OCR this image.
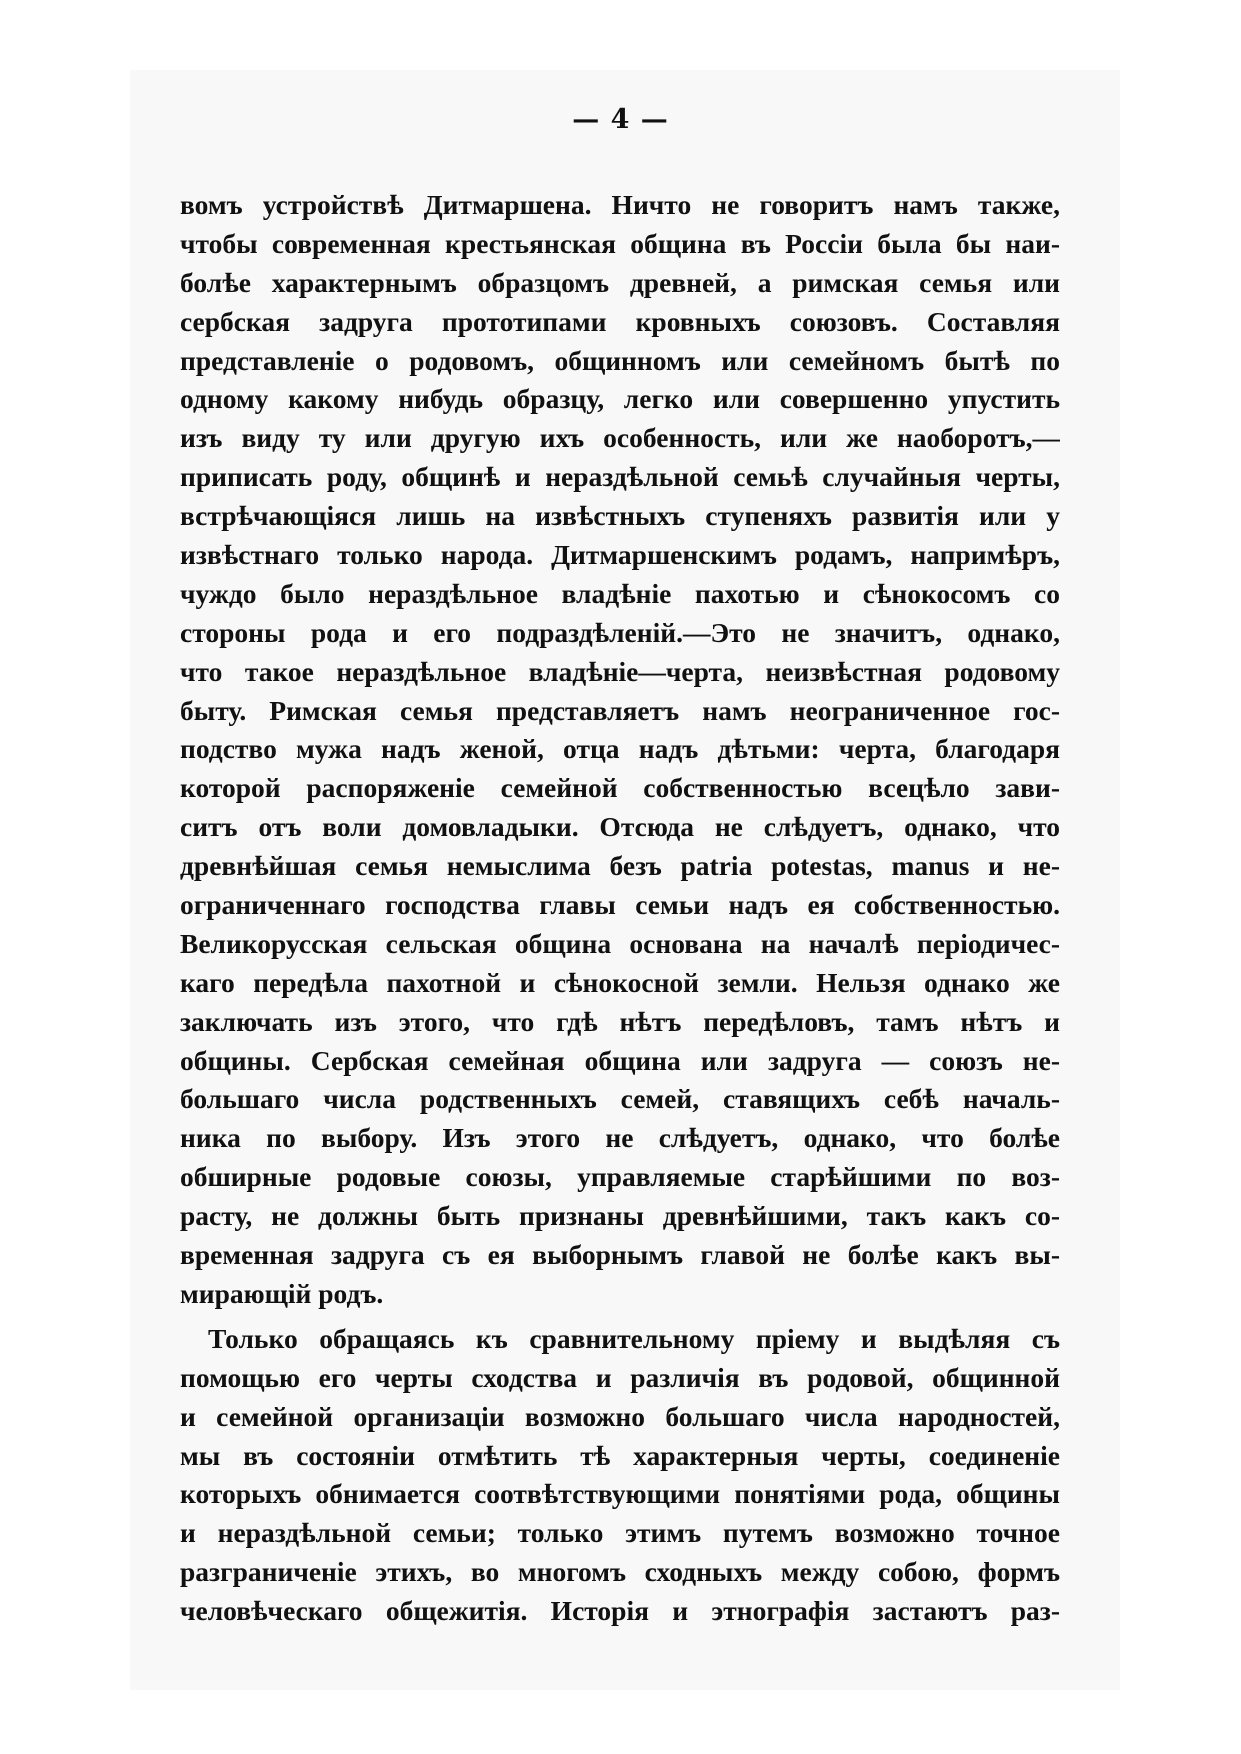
— 4 —
вомъ устройствѣ Дитмаршена. Ничто не говоритъ намъ также,
чтобы современная крестьянская община въ Россіи была бы наи-
болѣе характернымъ образцомъ древней, а римская семья или
сербская задруга прототипами кровныхъ союзовъ. Составляя
представленіе о родовомъ, общинномъ или семейномъ бытѣ по
одному какому нибудь образцу, легко или совершенно упустить
изъ виду ту или другую ихъ особенность, или же наоборотъ,—
приписать роду, общинѣ и нераздѣльной семьѣ случайныя черты,
встрѣчающіяся лишь на извѣстныхъ ступеняхъ развитія или у
извѣстнаго только народа. Дитмаршенскимъ родамъ, напримѣръ,
чуждо было нераздѣльное владѣніе пахотью и сѣнокосомъ со
стороны рода и его подраздѣленій.—Это не значитъ, однако,
что такое нераздѣльное владѣніе—черта, неизвѣстная родовому
быту. Римская семья представляетъ намъ неограниченное гос-
подство мужа надъ женой, отца надъ дѣтьми: черта, благодаря
которой распоряженіе семейной собственностью всецѣло зави-
ситъ отъ воли домовладыки. Отсюда не слѣдуетъ, однако, что
древнѣйшая семья немыслима безъ patria potestas, manus и не-
ограниченнаго господства главы семьи надъ ея собственностью.
Великорусская сельская община основана на началѣ періодичес-
каго передѣла пахотной и сѣнокосной земли. Нельзя однако же
заключать изъ этого, что гдѣ нѣтъ передѣловъ, тамъ нѣтъ и
общины. Сербская семейная община или задруга — союзъ не-
большаго числа родственныхъ семей, ставящихъ себѣ началь-
ника по выбору. Изъ этого не слѣдуетъ, однако, что болѣе
обширные родовые союзы, управляемые старѣйшими по воз-
расту, не должны быть признаны древнѣйшими, такъ какъ со-
временная задруга съ ея выборнымъ главой не болѣе какъ вы-
мирающій родъ.
Только обращаясь къ сравнительному пріему и выдѣляя съ
помощью его черты сходства и различія въ родовой, общинной
и семейной организаціи возможно большаго числа народностей,
мы въ состояніи отмѣтить тѣ характерныя черты, соединеніе
которыхъ обнимается соотвѣтствующими понятіями рода, общины
и нераздѣльной семьи; только этимъ путемъ возможно точное
разграниченіе этихъ, во многомъ сходныхъ между собою, формъ
человѣческаго общежитія. Исторія и этнографія застаютъ раз-
